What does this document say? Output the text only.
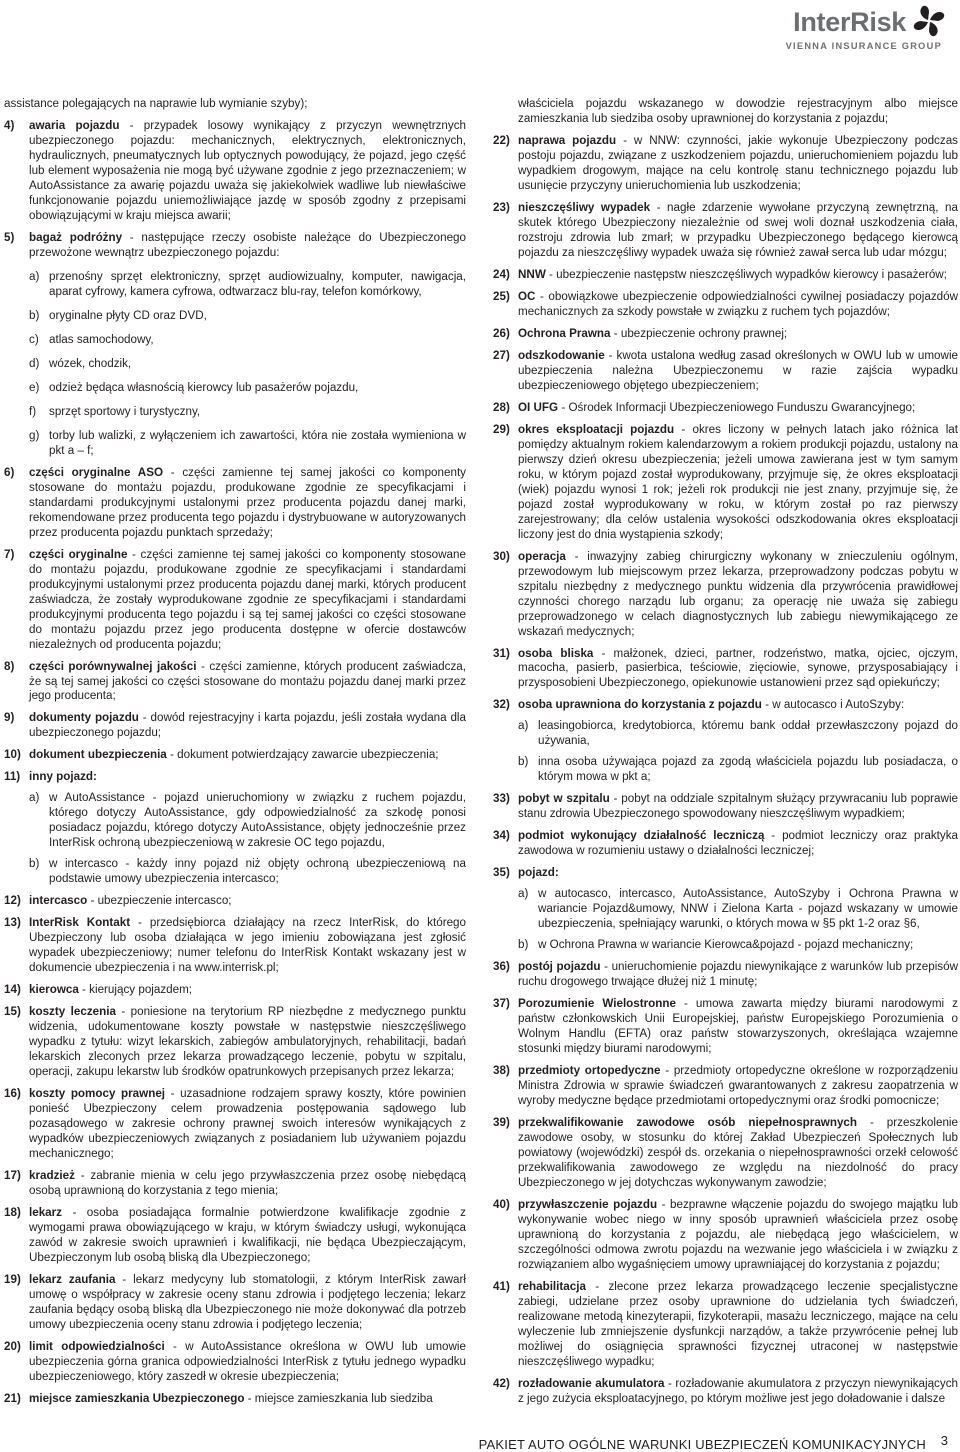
InterRisk
VIENNA INSURANCE GROUP
assistance polegających na naprawie lub wymianie szyby);
4)	awaria pojazdu - przypadek losowy wynikający z przyczyn wewnętrznych ubezpieczonego pojazdu: mechanicznych, elektrycznych, elektronicznych, hydraulicznych, pneumatycznych lub optycznych powodujący, że pojazd, jego część lub element wyposażenia nie mogą być używane zgodnie z jego przeznaczeniem; w AutoAssistance za awarię pojazdu uważa się jakiekolwiek wadliwe lub niewłaściwe funkcjonowanie pojazdu uniemożliwiające jazdę w sposób zgodny z przepisami obowiązującymi w kraju miejsca awarii;
5)	bagaż podróżny - następujące rzeczy osobiste należące do Ubezpieczonego przewożone wewnątrz ubezpieczonego pojazdu:
a) przenośny sprzęt elektroniczny, sprzęt audiowizualny, komputer, nawigacja, aparat cyfrowy, kamera cyfrowa, odtwarzacz blu-ray, telefon komórkowy,
b) oryginalne płyty CD oraz DVD,
c) atlas samochodowy,
d) wózek, chodzik,
e) odzież będąca własnością kierowcy lub pasażerów pojazdu,
f)	sprzęt sportowy i turystyczny,
g) torby lub walizki, z wyłączeniem ich zawartości, która nie została wymieniona w pkt a – f;
6)	części oryginalne ASO - części zamienne tej samej jakości co komponenty stosowane do montażu pojazdu, produkowane zgodnie ze specyfikacjami i standardami produkcyjnymi ustalonymi przez producenta pojazdu danej marki, rekomendowane przez producenta tego pojazdu i dystrybuowane w autoryzowanych przez producenta pojazdu punktach sprzedaży;
7)	części oryginalne - części zamienne tej samej jakości co komponenty stosowane do montażu pojazdu, produkowane zgodnie ze specyfikacjami i standardami produkcyjnymi ustalonymi przez producenta pojazdu danej marki, których producent zaświadcza, że zostały wyprodukowane zgodnie ze specyfikacjami i standardami produkcyjnymi producenta tego pojazdu i są tej samej jakości co części stosowane do montażu pojazdu przez jego producenta dostępne w ofercie dostawców niezależnych od producenta pojazdu;
8)	części porównywalnej jakości - części zamienne, których producent zaświadcza, że są tej samej jakości co części stosowane do montażu pojazdu danej marki przez jego producenta;
9)	dokumenty pojazdu - dowód rejestracyjny i karta pojazdu, jeśli została wydana dla ubezpieczonego pojazdu;
10) dokument ubezpieczenia - dokument potwierdzający zawarcie ubezpieczenia;
11) inny pojazd:
a) w AutoAssistance - pojazd unieruchomiony w związku z ruchem pojazdu, którego dotyczy AutoAssistance, gdy odpowiedzialność za szkodę ponosi posiadacz pojazdu, którego dotyczy AutoAssistance, objęty jednocześnie przez InterRisk ochroną ubezpieczeniową w zakresie OC tego pojazdu,
b) w intercasco - każdy inny pojazd niż objęty ochroną ubezpieczeniową na podstawie umowy ubezpieczenia intercasco;
12) intercasco - ubezpieczenie intercasco;
13) InterRisk Kontakt - przedsiębiorca działający na rzecz InterRisk, do którego Ubezpieczony lub osoba działająca w jego imieniu zobowiązana jest zgłosić wypadek ubezpieczeniowy; numer telefonu do InterRisk Kontakt wskazany jest w dokumencie ubezpieczenia i na www.interrisk.pl;
14) kierowca - kierujący pojazdem;
15) koszty leczenia - poniesione na terytorium RP niezbędne z medycznego punktu widzenia, udokumentowane koszty powstałe w następstwie nieszczęśliwego wypadku z tytułu: wizyt lekarskich, zabiegów ambulatoryjnych, rehabilitacji, badań lekarskich zleconych przez lekarza prowadzącego leczenie, pobytu w szpitalu, operacji, zakupu lekarstw lub środków opatrunkowych przepisanych przez lekarza;
16) koszty pomocy prawnej - uzasadnione rodzajem sprawy koszty, które powinien ponieść Ubezpieczony celem prowadzenia postępowania sądowego lub pozasądowego w zakresie ochrony prawnej swoich interesów wynikających z wypadków ubezpieczeniowych związanych z posiadaniem lub używaniem pojazdu mechanicznego;
17) kradzież - zabranie mienia w celu jego przywłaszczenia przez osobę niebędącą osobą uprawnioną do korzystania z tego mienia;
18) lekarz - osoba posiadająca formalnie potwierdzone kwalifikacje zgodnie z wymogami prawa obowiązującego w kraju, w którym świadczy usługi, wykonująca zawód w zakresie swoich uprawnień i kwalifikacji, nie będąca Ubezpieczającym, Ubezpieczonym lub osobą bliską dla Ubezpieczonego;
19) lekarz zaufania - lekarz medycyny lub stomatologii, z którym InterRisk zawarł umowę o współpracy w zakresie oceny stanu zdrowia i podjętego leczenia; lekarz zaufania będący osobą bliską dla Ubezpieczonego nie może dokonywać dla potrzeb umowy ubezpieczenia oceny stanu zdrowia i podjętego leczenia;
20) limit odpowiedzialności - w AutoAssistance określona w OWU lub umowie ubezpieczenia górna granica odpowiedzialności InterRisk z tytułu jednego wypadku ubezpieczeniowego, który zaszedł w okresie ubezpieczenia;
21) miejsce zamieszkania Ubezpieczonego - miejsce zamieszkania lub siedziba
właściciela pojazdu wskazanego w dowodzie rejestracyjnym albo miejsce zamieszkania lub siedziba osoby uprawnionej do korzystania z pojazdu;
22) naprawa pojazdu - w NNW: czynności, jakie wykonuje Ubezpieczony podczas postoju pojazdu, związane z uszkodzeniem pojazdu, unieruchomieniem pojazdu lub wypadkiem drogowym, mające na celu kontrolę stanu technicznego pojazdu lub usunięcie przyczyny unieruchomienia lub uszkodzenia;
23) nieszczęśliwy wypadek - nagłe zdarzenie wywołane przyczyną zewnętrzną, na skutek którego Ubezpieczony niezależnie od swej woli doznał uszkodzenia ciała, rozstroju zdrowia lub zmarł; w przypadku Ubezpieczonego będącego kierowcą pojazdu za nieszczęśliwy wypadek uważa się również zawał serca lub udar mózgu;
24) NNW - ubezpieczenie następstw nieszczęśliwych wypadków kierowcy i pasażerów;
25) OC - obowiązkowe ubezpieczenie odpowiedzialności cywilnej posiadaczy pojazdów mechanicznych za szkody powstałe w związku z ruchem tych pojazdów;
26) Ochrona Prawna - ubezpieczenie ochrony prawnej;
27) odszkodowanie - kwota ustalona według zasad określonych w OWU lub w umowie ubezpieczenia należna Ubezpieczonemu w razie zajścia wypadku ubezpieczeniowego objętego ubezpieczeniem;
28) OI UFG - Ośrodek Informacji Ubezpieczeniowego Funduszu Gwarancyjnego;
29) okres eksploatacji pojazdu - okres liczony w pełnych latach jako różnica lat pomiędzy aktualnym rokiem kalendarzowym a rokiem produkcji pojazdu, ustalony na pierwszy dzień okresu ubezpieczenia; jeżeli umowa zawierana jest w tym samym roku, w którym pojazd został wyprodukowany, przyjmuje się, że okres eksploatacji (wiek) pojazdu wynosi 1 rok; jeżeli rok produkcji nie jest znany, przyjmuje się, że pojazd został wyprodukowany w roku, w którym został po raz pierwszy zarejestrowany; dla celów ustalenia wysokości odszkodowania okres eksploatacji liczony jest do dnia wystąpienia szkody;
30) operacja - inwazyjny zabieg chirurgiczny wykonany w znieczuleniu ogólnym, przewodowym lub miejscowym przez lekarza, przeprowadzony podczas pobytu w szpitalu niezbędny z medycznego punktu widzenia dla przywrócenia prawidłowej czynności chorego narządu lub organu; za operację nie uważa się zabiegu przeprowadzonego w celach diagnostycznych lub zabiegu niewymikającego ze wskazań medycznych;
31) osoba bliska - małżonek, dzieci, partner, rodzeństwo, matka, ojciec, ojczym, macocha, pasierb, pasierbica, teściowie, zięciowie, synowe, przysposabiający i przysposobieni Ubezpieczonego, opiekunowie ustanowieni przez sąd opiekuńczy;
32) osoba uprawniona do korzystania z pojazdu - w autocasco i AutoSzyby:
a) leasingobiorca, kredytobiorca, któremu bank oddał przewłaszczony pojazd do używania,
b) inna osoba używająca pojazd za zgodą właściciela pojazdu lub posiadacza, o którym mowa w pkt a;
33) pobyt w szpitalu - pobyt na oddziale szpitalnym służący przywracaniu lub poprawie stanu zdrowia Ubezpieczonego spowodowany nieszczęśliwym wypadkiem;
34) podmiot wykonujący działalność leczniczą - podmiot leczniczy oraz praktyka zawodowa w rozumieniu ustawy o działalności leczniczej;
35) pojazd:
a) w autocasco, intercasco, AutoAssistance, AutoSzyby i Ochrona Prawna w wariancie Pojazd&umowy, NNW i Zielona Karta - pojazd wskazany w umowie ubezpieczenia, spełniający warunki, o których mowa w §5 pkt 1-2 oraz §6,
b) w Ochrona Prawna w wariancie Kierowca&pojazd - pojazd mechaniczny;
36) postój pojazdu - unieruchomienie pojazdu niewynikające z warunków lub przepisów ruchu drogowego trwające dłużej niż 1 minutę;
37) Porozumienie Wielostronne - umowa zawarta między biurami narodowymi z państw członkowskich Unii Europejskiej, państw Europejskiego Porozumienia o Wolnym Handlu (EFTA) oraz państw stowarzyszonych, określająca wzajemne stosunki między biurami narodowymi;
38) przedmioty ortopedyczne - przedmioty ortopedyczne określone w rozporządzeniu Ministra Zdrowia w sprawie świadczeń gwarantowanych z zakresu zaopatrzenia w wyroby medyczne będące przedmiotami ortopedycznymi oraz środki pomocnicze;
39) przekwalifikowanie zawodowe osób niepełnosprawnych - przeszkolenie zawodowe osoby, w stosunku do której Zakład Ubezpieczeń Społecznych lub powiatowy (wojewódzki) zespół ds. orzekania o niepełnosprawności orzekł celowość przekwalifikowania zawodowego ze względu na niezdolność do pracy Ubezpieczonego w jej dotychczas wykonywanym zawodzie;
40) przywłaszczenie pojazdu - bezprawne włączenie pojazdu do swojego majątku lub wykonywanie wobec niego w inny sposób uprawnień właściciela przez osobę uprawnioną do korzystania z pojazdu, ale niebędącą jego właścicielem, w szczególności odmowa zwrotu pojazdu na wezwanie jego właściciela i w związku z rozwiązaniem albo wygaśnięciem umowy uprawniającej do korzystania z pojazdu;
41) rehabilitacja - zlecone przez lekarza prowadzącego leczenie specjalistyczne zabiegi, udzielane przez osoby uprawnione do udzielania tych świadczeń, realizowane metodą kinezyterapii, fizykoterapii, masażu leczniczego, mające na celu wyleczenie lub zmniejszenie dysfunkcji narządów, a także przywrócenie pełnej lub możliwej do osiągnięcia sprawności fizycznej utraconej w następstwie nieszczęśliwego wypadku;
42) rozładowanie akumulatora - rozładowanie akumulatora z przyczyn niewynikających z jego zużycia eksploatacyjnego, po którym możliwe jest jego doładowanie i dalsze
PAKIET AUTO OGÓLNE WARUNKI UBEZPIECZEŃ KOMUNIKACYJNYCH 3
